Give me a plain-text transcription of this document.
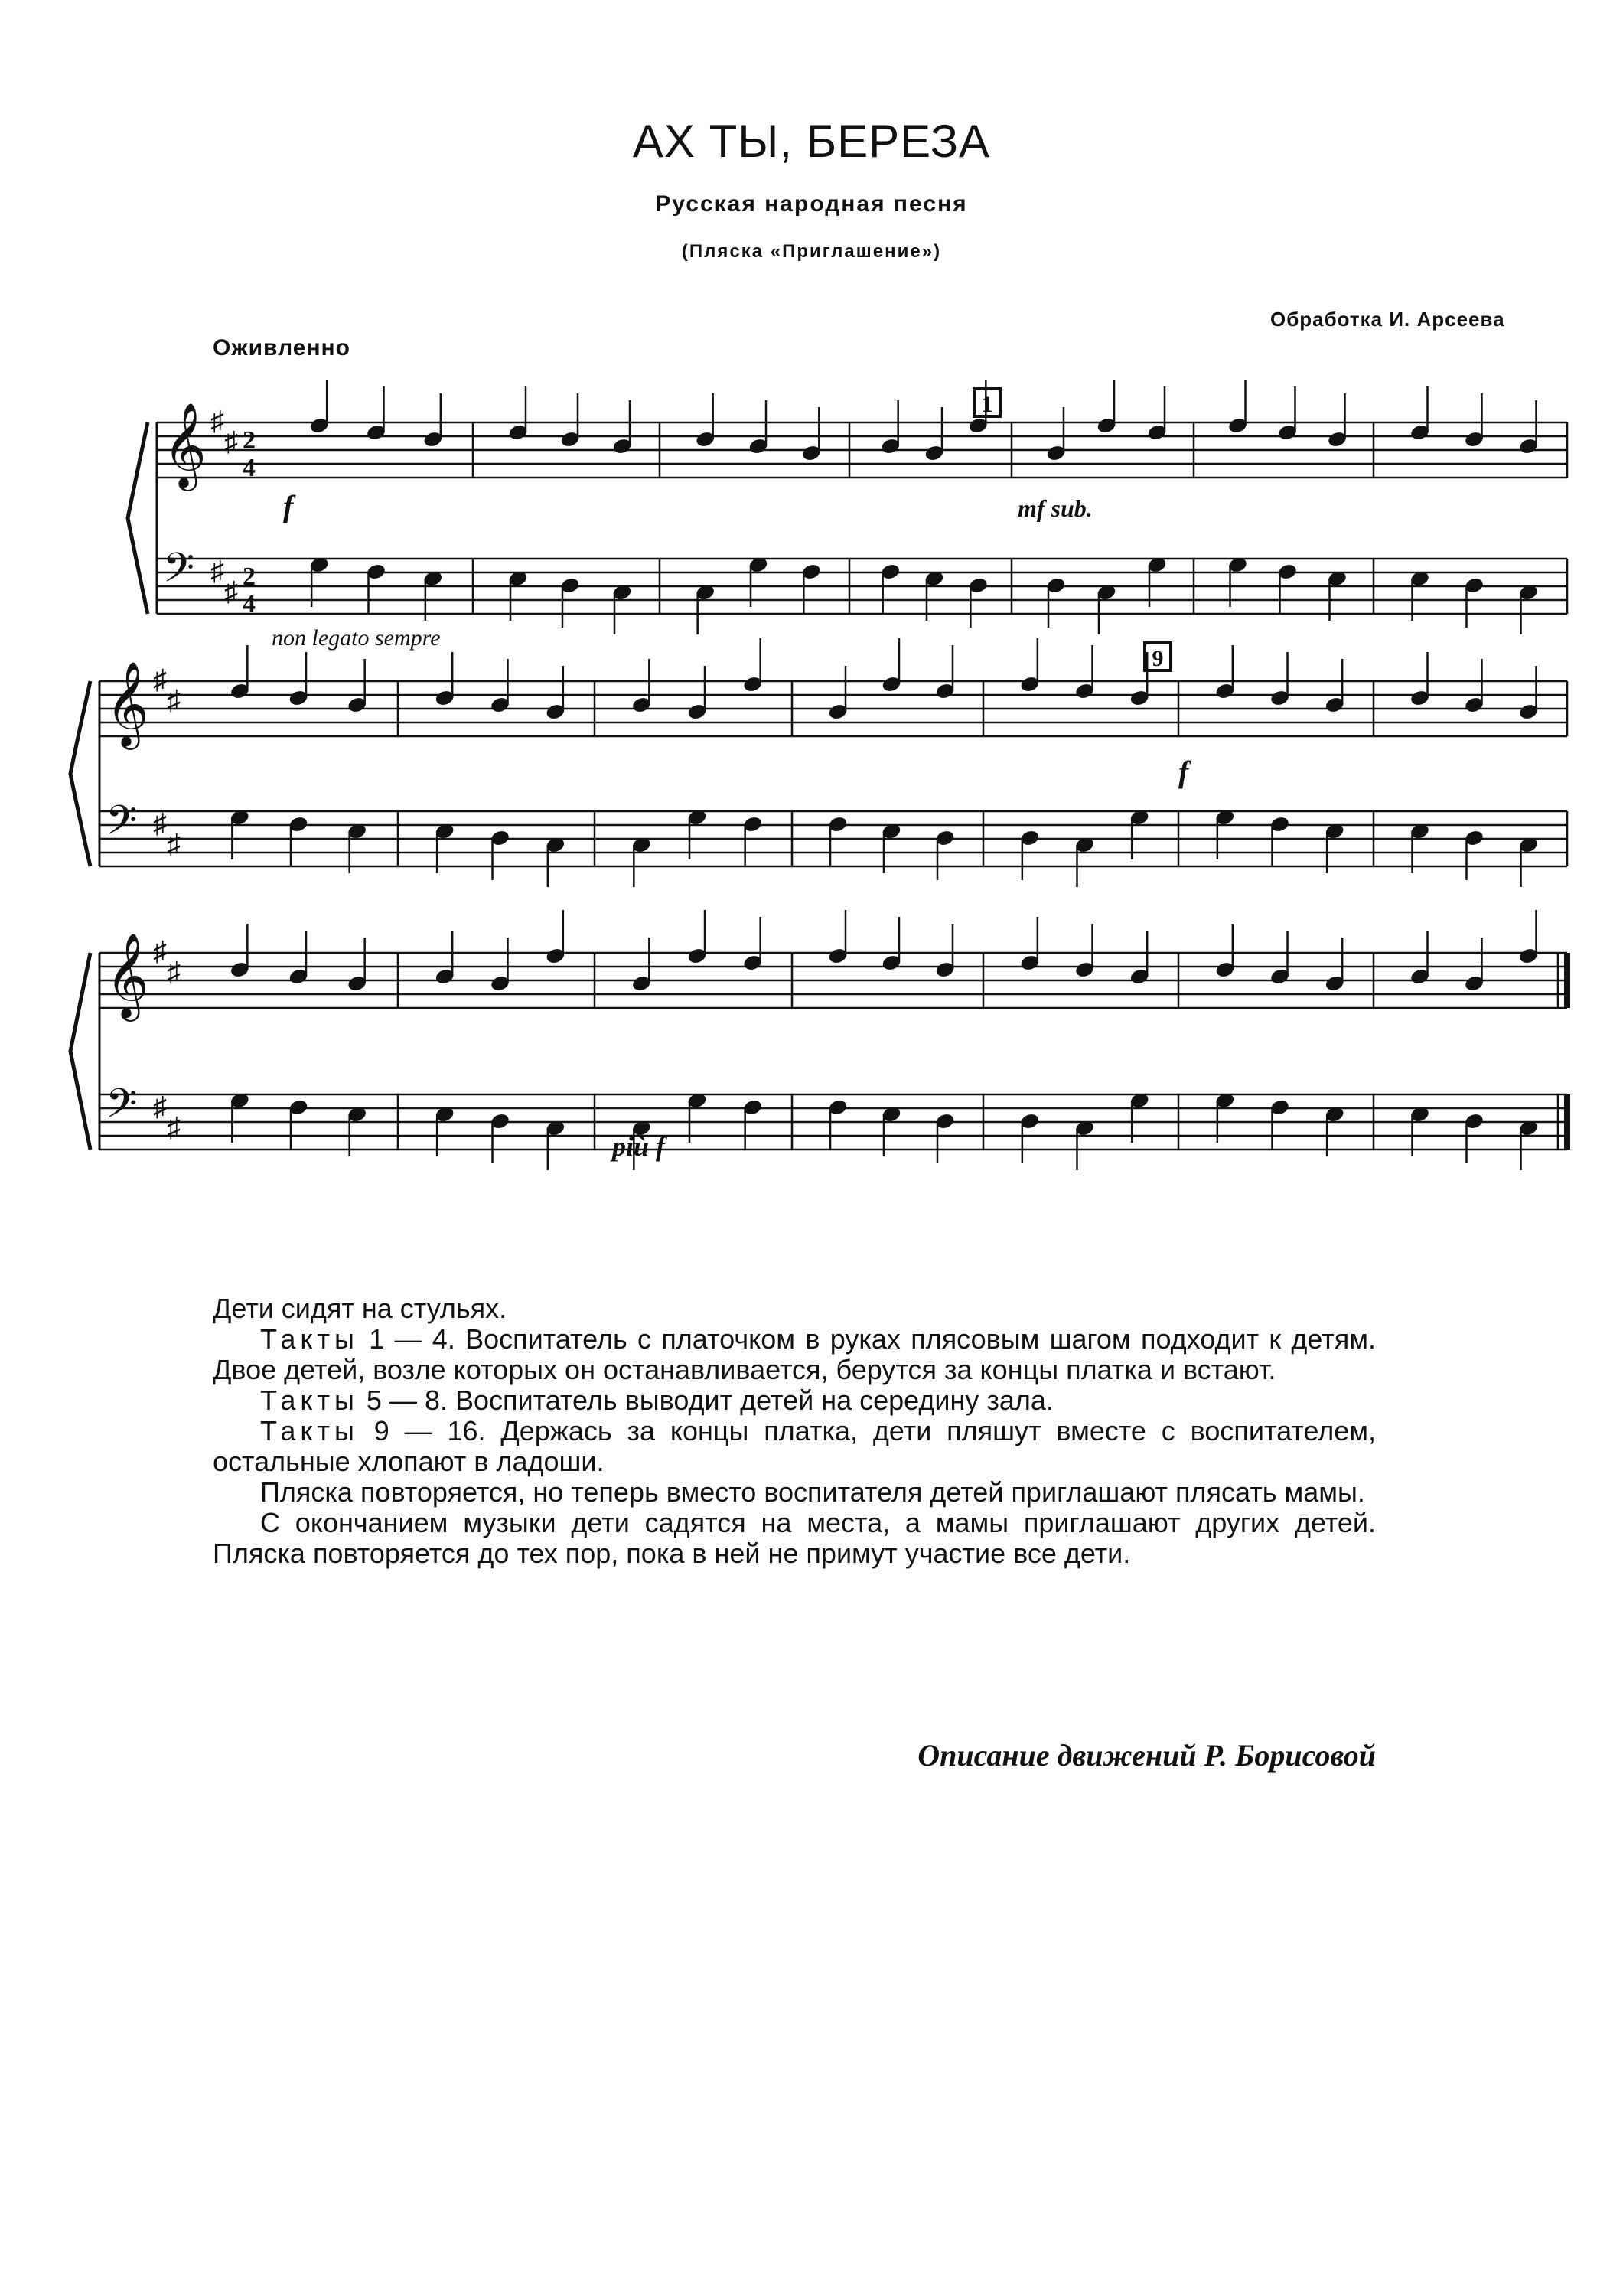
АХ ТЫ, БЕРЕЗА
Русская народная песня
(Пляска «Приглашение»)
Обработка И. Арсеева
Оживленно
𝄞 ♯
♯ 2
4
𝄢 ♯
♯ 2
4
𝄞 ♯
♯
𝄢 ♯
♯
𝄞 ♯
♯
𝄢 ♯
♯
1
9
f	mf sub.
f
più f
non legato sempre

Дети сидят на стульях.

Такты 1 — 4. Воспитатель с платочком в руках плясовым шагом подходит к детям. Двое детей, возле которых он останавливается, берутся за концы платка и встают.

Такты 5 — 8. Воспитатель выводит детей на середину зала.

Такты 9 — 16. Держась за концы платка, дети пляшут вместе с воспитателем, остальные хлопают в ладоши.

Пляска повторяется, но теперь вместо воспитателя детей приглашают плясать мамы.

С окончанием музыки дети садятся на места, а мамы приглашают других детей. Пляска повторяется до тех пор, пока в ней не примут участие все дети.

Описание движений Р. Борисовой
